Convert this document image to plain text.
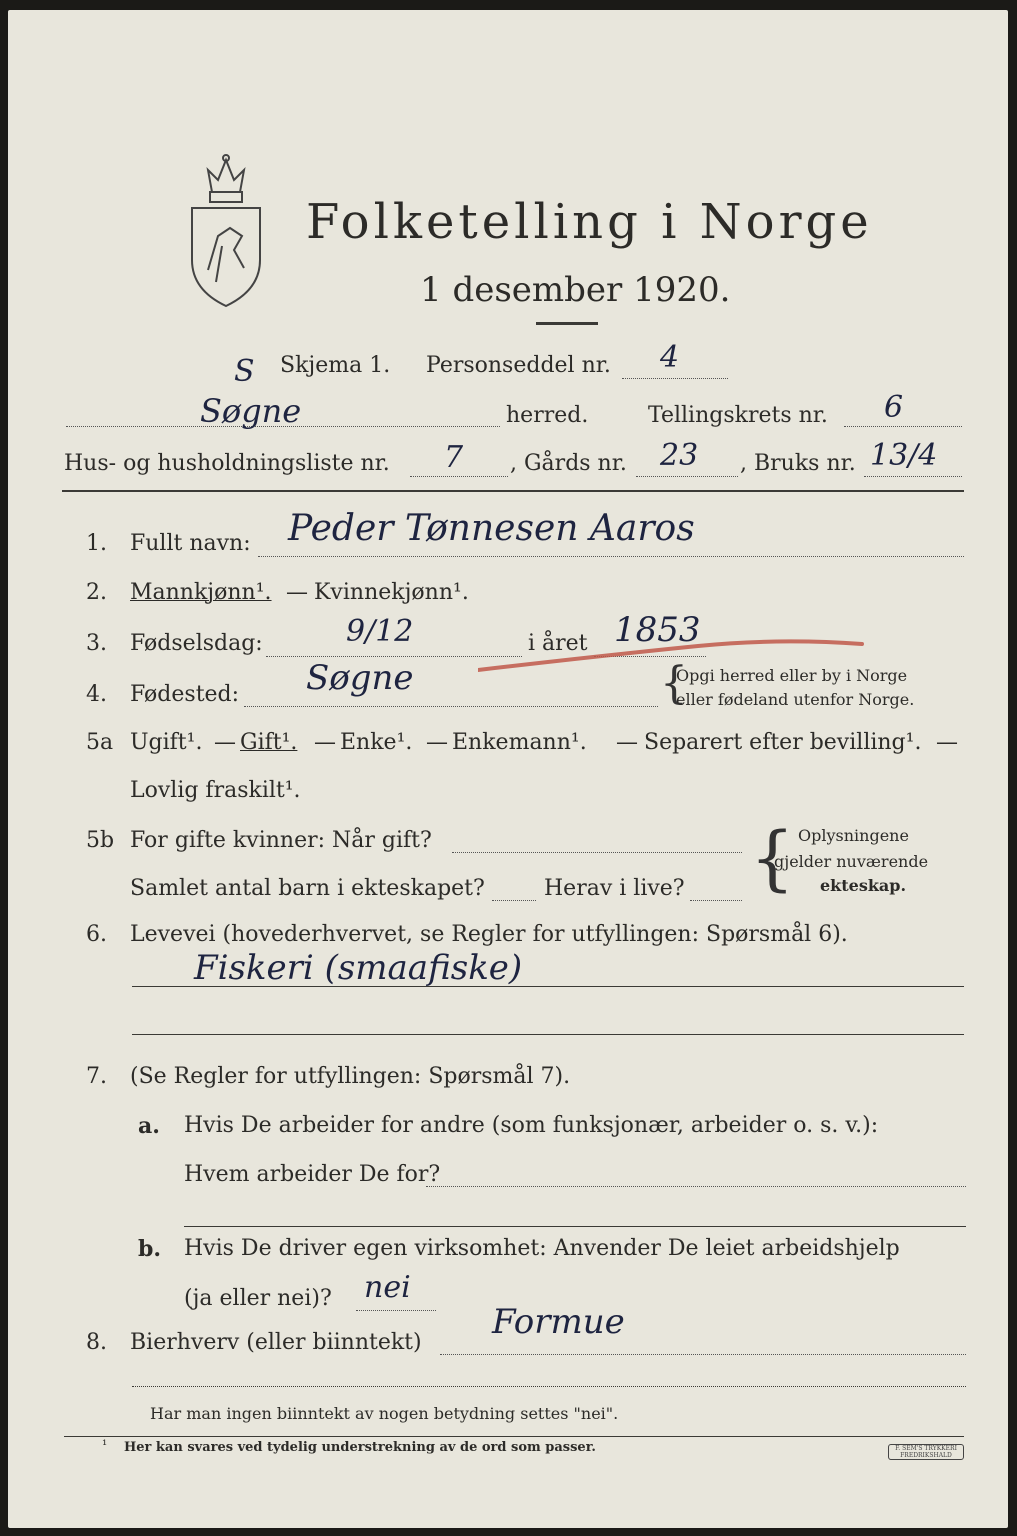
Folketelling i Norge
1 desember 1920.
S Skjema 1. Personseddel nr. 4
Søgne	herred.	Tellingskrets nr. 6
Hus- og husholdningsliste nr. 7 , Gårds nr. 23 , Bruks nr. 13/4
1. Fullt navn: Peder Tønnesen Aaros
2. Mannkjønn¹. — Kvinnekjønn¹.
3. Fødselsdag:	9/12	i året 1853
4. Fødested: Søgne	{
Opgi herred eller by i Norge
eller fødeland utenfor Norge.
5a Ugift¹. — Gift¹. — Enke¹. — Enkemann¹. — Separert efter bevilling¹. —
Lovlig fraskilt¹.
5b For gifte kvinner: Når gift?
Samlet antal barn i ekteskapet?	Herav i live? { Oplysningene
gjelder nuværende
ekteskap.
6. Levevei (hovederhvervet, se Regler for utfyllingen: Spørsmål 6).
Fiskeri (smaafiske)
7. (Se Regler for utfyllingen: Spørsmål 7).
a. Hvis De arbeider for andre (som funksjonær, arbeider o. s. v.):
Hvem arbeider De for?
b. Hvis De driver egen virksomhet: Anvender De leiet arbeidshjelp
(ja eller nei)? nei
8. Bierhverv (eller biinntekt)
Formue
Har man ingen biinntekt av nogen betydning settes "nei".
¹ Her kan svares ved tydelig understrekning av de ord som passer.	F. SEM'S TRYKKERI FREDRIKSHALD
